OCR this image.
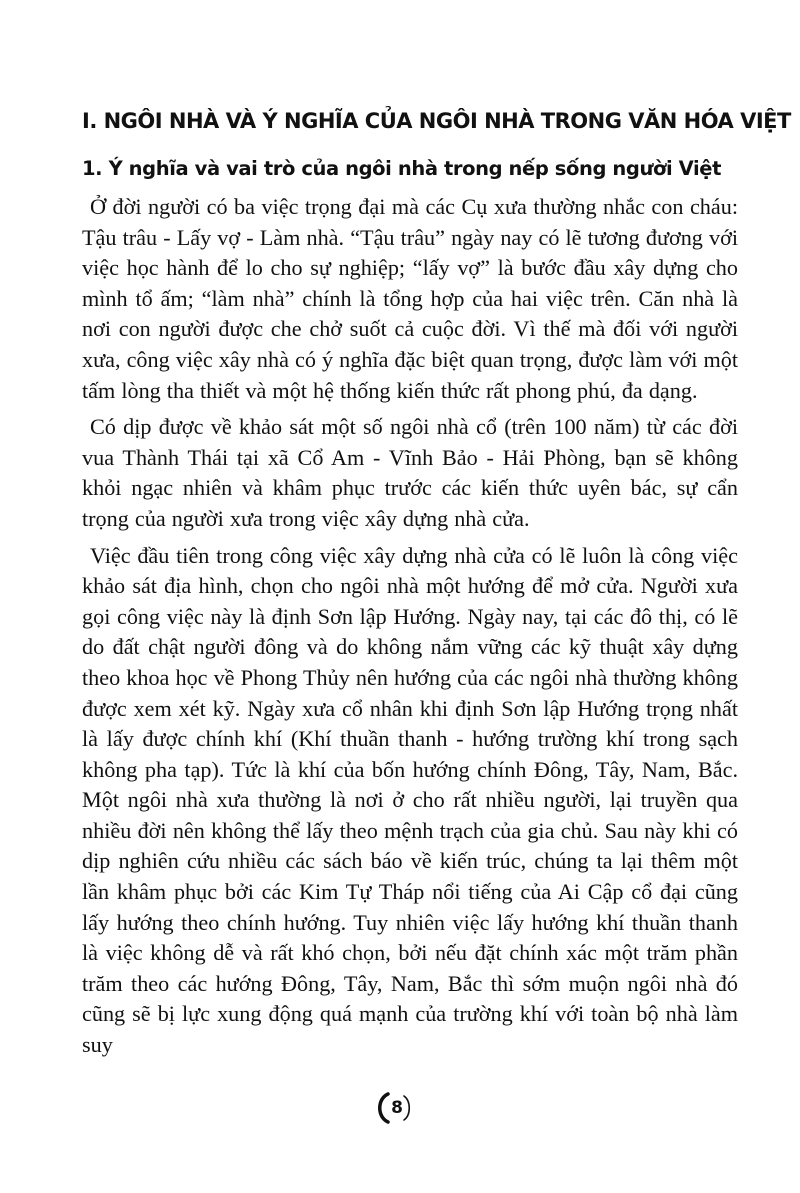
I. NGÔI NHÀ VÀ Ý NGHĨA CỦA NGÔI NHÀ TRONG VĂN HÓA VIỆT
1. Ý nghĩa và vai trò của ngôi nhà trong nếp sống người Việt

Ở đời người có ba việc trọng đại mà các Cụ xưa thường nhắc con cháu: Tậu trâu - Lấy vợ - Làm nhà. “Tậu trâu” ngày nay có lẽ tương đương với việc học hành để lo cho sự nghiệp; “lấy vợ” là bước đầu xây dựng cho mình tổ ấm; “làm nhà” chính là tổng hợp của hai việc trên. Căn nhà là nơi con người được che chở suốt cả cuộc đời. Vì thế mà đối với người xưa, công việc xây nhà có ý nghĩa đặc biệt quan trọng, được làm với một tấm lòng tha thiết và một hệ thống kiến thức rất phong phú, đa dạng.

Có dịp được về khảo sát một số ngôi nhà cổ (trên 100 năm) từ các đời vua Thành Thái tại xã Cổ Am - Vĩnh Bảo - Hải Phòng, bạn sẽ không khỏi ngạc nhiên và khâm phục trước các kiến thức uyên bác, sự cẩn trọng của người xưa trong việc xây dựng nhà cửa.

Việc đầu tiên trong công việc xây dựng nhà cửa có lẽ luôn là công việc khảo sát địa hình, chọn cho ngôi nhà một hướng để mở cửa. Người xưa gọi công việc này là định Sơn lập Hướng. Ngày nay, tại các đô thị, có lẽ do đất chật người đông và do không nắm vững các kỹ thuật xây dựng theo khoa học về Phong Thủy nên hướng của các ngôi nhà thường không được xem xét kỹ. Ngày xưa cổ nhân khi định Sơn lập Hướng trọng nhất là lấy được chính khí (Khí thuần thanh - hướng trường khí trong sạch không pha tạp). Tức là khí của bốn hướng chính Đông, Tây, Nam, Bắc. Một ngôi nhà xưa thường là nơi ở cho rất nhiều người, lại truyền qua nhiều đời nên không thể lấy theo mệnh trạch của gia chủ. Sau này khi có dịp nghiên cứu nhiều các sách báo về kiến trúc, chúng ta lại thêm một lần khâm phục bởi các Kim Tự Tháp nổi tiếng của Ai Cập cổ đại cũng lấy hướng theo chính hướng. Tuy nhiên việc lấy hướng khí thuần thanh là việc không dễ và rất khó chọn, bởi nếu đặt chính xác một trăm phần trăm theo các hướng Đông, Tây, Nam, Bắc thì sớm muộn ngôi nhà đó cũng sẽ bị lực xung động quá mạnh của trường khí với toàn bộ nhà làm suy

8
